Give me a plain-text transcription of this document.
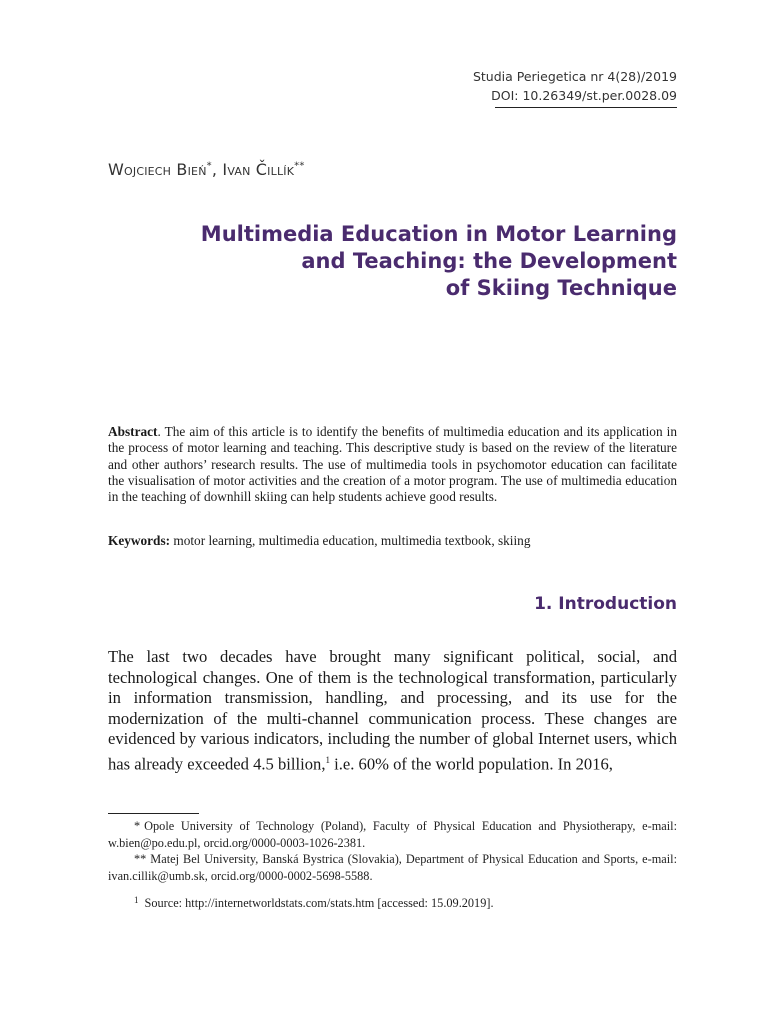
Studia Periegetica nr 4(28)/2019
DOI: 10.26349/st.per.0028.09
Wojciech Bień*, Ivan Čillík**
Multimedia Education in Motor Learning
and Teaching: the Development
of Skiing Technique
Abstract. The aim of this article is to identify the benefits of multimedia education and its application in the process of motor learning and teaching. This descriptive study is based on the review of the literature and other authors’ research results. The use of multimedia tools in psychomotor education can facilitate the visualisation of motor activities and the creation of a motor program. The use of multimedia education in the teaching of downhill skiing can help students achieve good results.
Keywords: motor learning, multimedia education, multimedia textbook, skiing
1. Introduction
The last two decades have brought many significant political, social, and technological changes. One of them is the technological transformation, particularly in information transmission, handling, and processing, and its use for the modernization of the multi-channel communication process. These changes are evidenced by various indicators, including the number of global Internet users, which has already exceeded 4.5 billion,$^1$ i.e. 60% of the world population. In 2016,

* Opole University of Technology (Poland), Faculty of Physical Education and Physiotherapy, e-mail: w.bien@po.edu.pl, orcid.org/0000-0003-1026-2381.

** Matej Bel University, Banská Bystrica (Slovakia), Department of Physical Education and Sports, e-mail: ivan.cillik@umb.sk, orcid.org/0000-0002-5698-5588.

$^1$ Source: http://internetworldstats.com/stats.htm [accessed: 15.09.2019].
